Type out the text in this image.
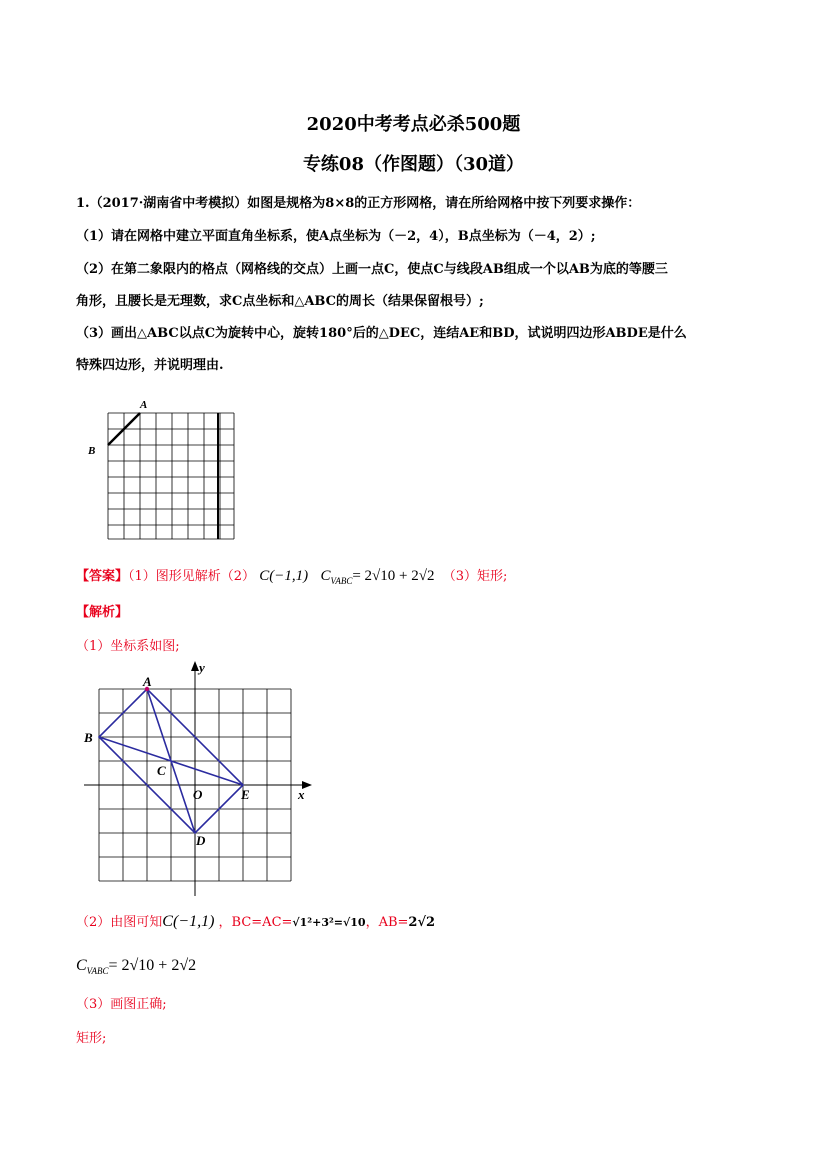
2020中考考点必杀500题
专练08（作图题）（30道）
1.（2017·湖南省中考模拟）如图是规格为8×8的正方形网格，请在所给网格中按下列要求操作：
（1）请在网格中建立平面直角坐标系，使A点坐标为（－2，4），B点坐标为（－4，2）;
（2）在第二象限内的格点（网格线的交点）上画一点C，使点C与线段AB组成一个以AB为底的等腰三
角形，且腰长是无理数，求C点坐标和△ABC的周长（结果保留根号）;
（3）画出△ABC以点C为旋转中心，旋转180°后的△DEC，连结AE和BD，试说明四边形ABDE是什么
特殊四边形，并说明理由.
A
B
【答案】（1）图形见解析（2） C(−1,1) $C_{VABC}= 2√10 + 2√2$ （3）矩形;
【解析】
（1）坐标系如图;
A
B
C
O	E
D
x
y
（2）由图可知C(−1,1) ，BC=AC=√1²+3²=√10，AB=2√2
$C_{VABC}= 2√10 + 2√2$
（3）画图正确;
矩形;
